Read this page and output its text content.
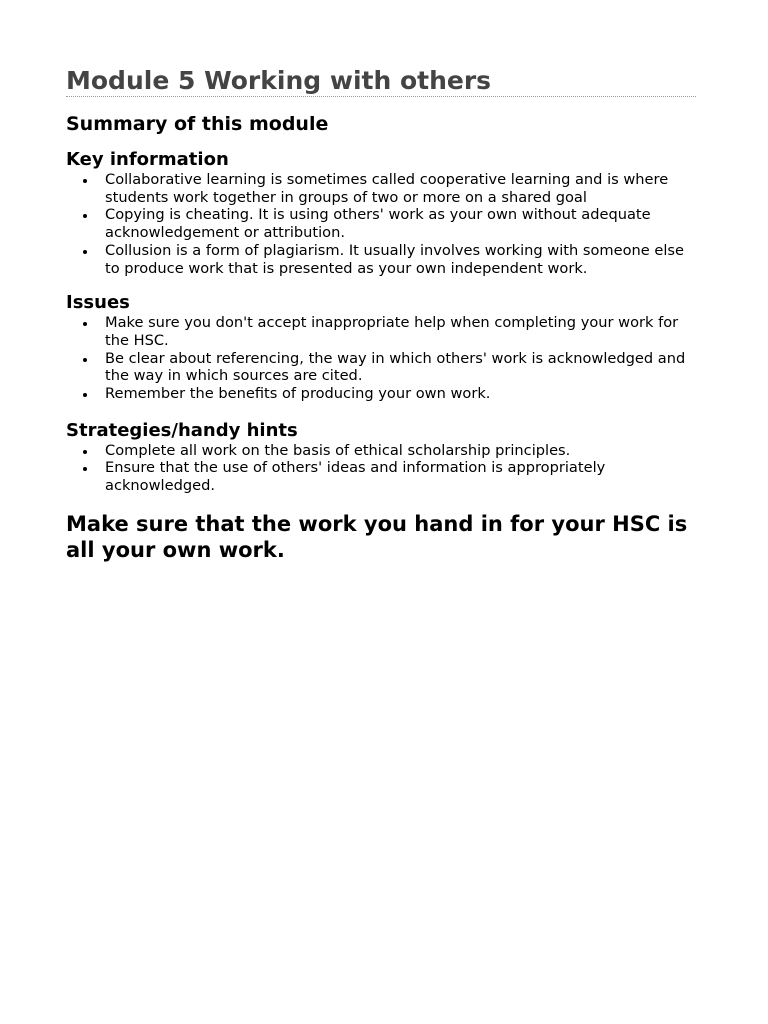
Module 5 Working with others
Summary of this module
Key information
Collaborative learning is sometimes called cooperative learning and is where students work together in groups of two or more on a shared goal
Copying is cheating. It is using others' work as your own without adequate acknowledgement or attribution.
Collusion is a form of plagiarism. It usually involves working with someone else to produce work that is presented as your own independent work.
Issues
Make sure you don't accept inappropriate help when completing your work for the HSC.
Be clear about referencing, the way in which others' work is acknowledged and the way in which sources are cited.
Remember the benefits of producing your own work.
Strategies/handy hints
Complete all work on the basis of ethical scholarship principles.
Ensure that the use of others' ideas and information is appropriately acknowledged.

Make sure that the work you hand in for your HSC is all your own work.
